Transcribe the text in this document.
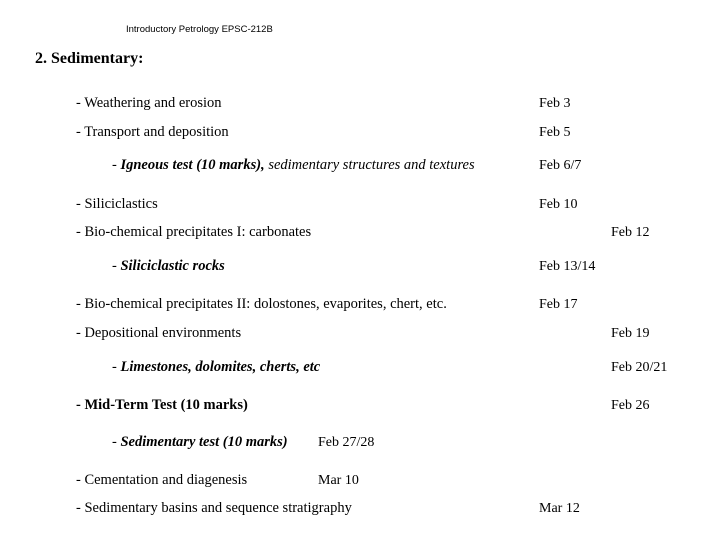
Introductory Petrology EPSC-212B
2. Sedimentary:
- Weathering and erosion	Feb 3
- Transport and deposition	Feb 5
- Igneous test (10 marks), sedimentary structures and textures	Feb 6/7
- Siliciclastics	Feb 10
- Bio-chemical precipitates I: carbonates	Feb 12
- Siliciclastic rocks	Feb 13/14
- Bio-chemical precipitates II: dolostones, evaporites, chert, etc.	Feb 17
- Depositional environments	Feb 19
- Limestones, dolomites, cherts, etc	Feb 20/21
- Mid-Term Test (10 marks)	Feb 26
- Sedimentary test (10 marks) Feb 27/28
- Cementation and diagenesis	Mar 10
- Sedimentary basins and sequence stratigraphy	Mar 12
